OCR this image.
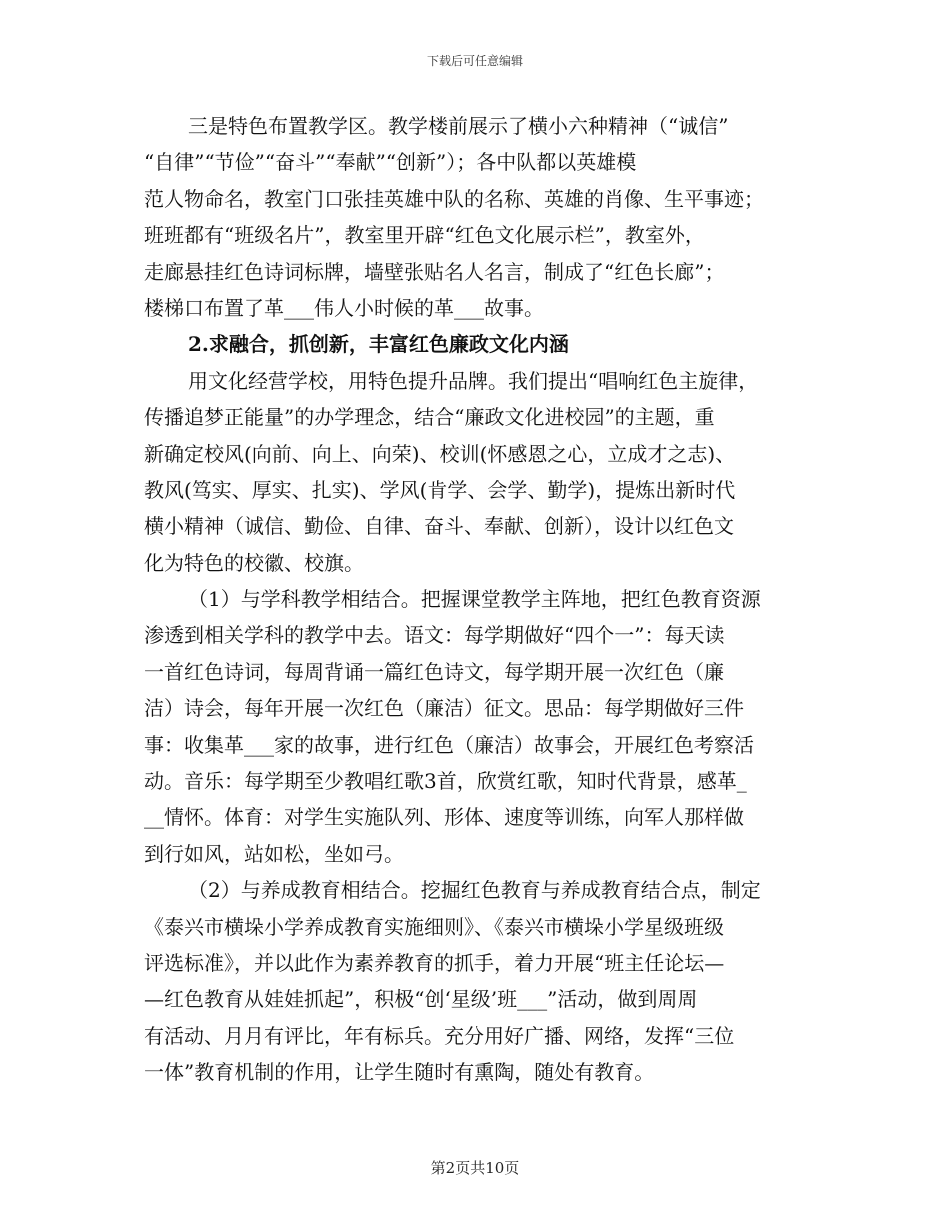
下载后可任意编辑
三是特色布置教学区。教学楼前展示了横小六种精神（“诚信”
“自律”“节俭”“奋斗”“奉献”“创新”）；各中队都以英雄模
范人物命名，教室门口张挂英雄中队的名称、英雄的肖像、生平事迹；
班班都有“班级名片”，教室里开辟“红色文化展示栏”，教室外，
走廊悬挂红色诗词标牌，墙壁张贴名人名言，制成了“红色长廊”；
楼梯口布置了革___伟人小时候的革___故事。
2.求融合，抓创新，丰富红色廉政文化内涵
用文化经营学校，用特色提升品牌。我们提出“唱响红色主旋律，
传播追梦正能量”的办学理念，结合“廉政文化进校园”的主题，重
新确定校风(向前、向上、向荣)、校训(怀感恩之心，立成才之志)、
教风(笃实、厚实、扎实)、学风(肯学、会学、勤学)，提炼出新时代
横小精神（诚信、勤俭、自律、奋斗、奉献、创新），设计以红色文
化为特色的校徽、校旗。
（1）与学科教学相结合。把握课堂教学主阵地，把红色教育资源
渗透到相关学科的教学中去。语文：每学期做好“四个一”：每天读
一首红色诗词，每周背诵一篇红色诗文，每学期开展一次红色（廉
洁）诗会，每年开展一次红色（廉洁）征文。思品：每学期做好三件
事：收集革___家的故事，进行红色（廉洁）故事会，开展红色考察活
动。音乐：每学期至少教唱红歌3首，欣赏红歌，知时代背景，感革_
__情怀。体育：对学生实施队列、形体、速度等训练，向军人那样做
到行如风，站如松，坐如弓。
（2）与养成教育相结合。挖掘红色教育与养成教育结合点，制定
《泰兴市横垛小学养成教育实施细则》、《泰兴市横垛小学星级班级
评选标准》，并以此作为素养教育的抓手，着力开展“班主任论坛—
—红色教育从娃娃抓起”，积极“创‘星级’班___”活动，做到周周
有活动、月月有评比，年有标兵。充分用好广播、网络，发挥“三位
一体”教育机制的作用，让学生随时有熏陶，随处有教育。
第2页共10页
